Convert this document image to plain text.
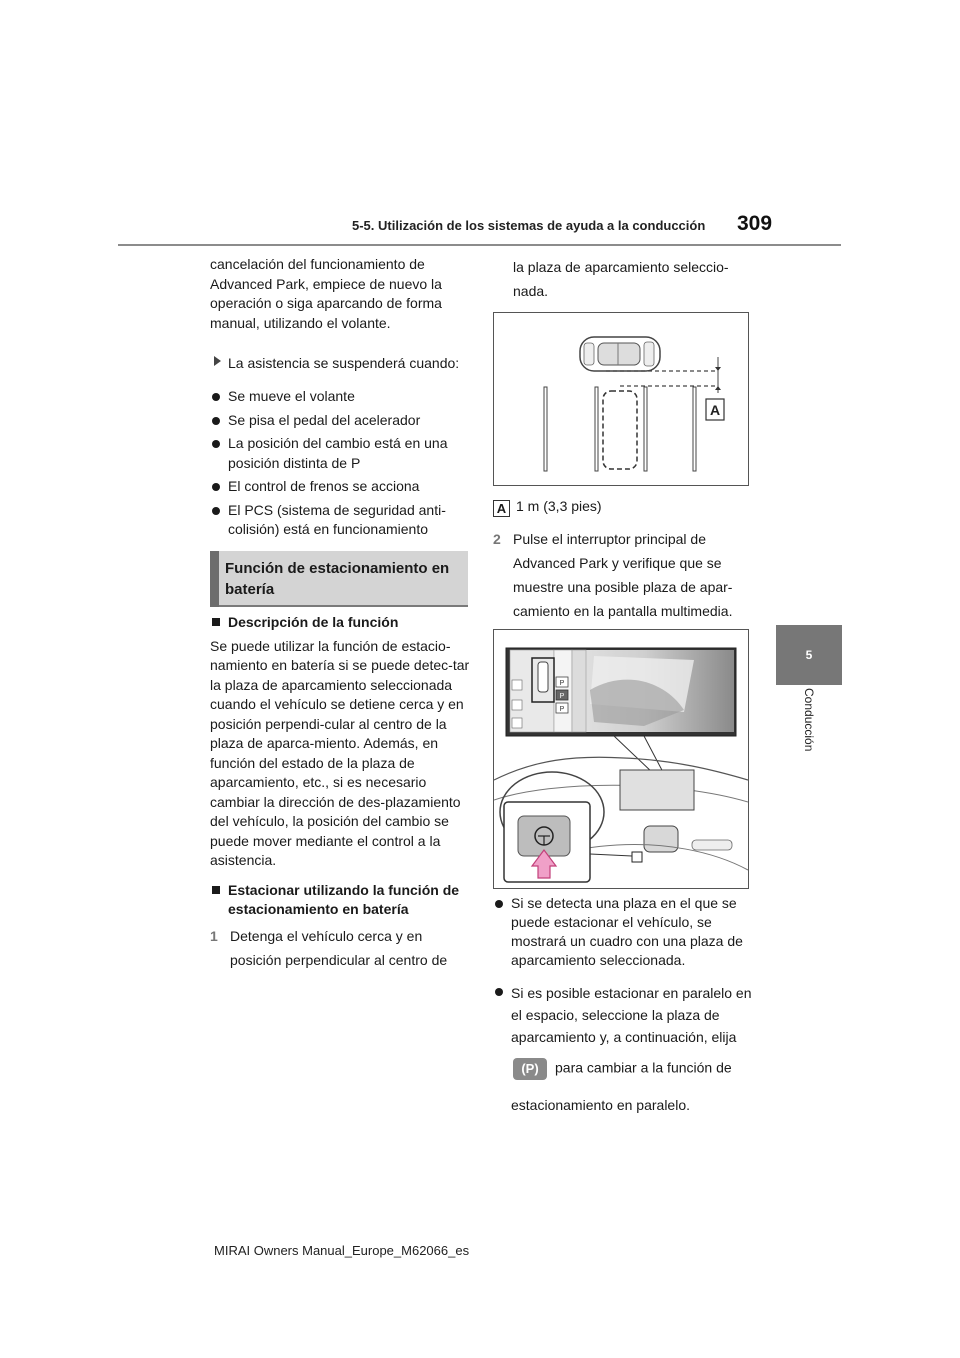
5-5. Utilización de los sistemas de ayuda a la conducción 309
5
Conducción

cancelación del funcionamiento de Advanced Park, empiece de nuevo la operación o siga aparcando de forma manual, utilizando el volante.

La asistencia se suspenderá cuando:

Se mueve el volante

Se pisa el pedal del acelerador

La posición del cambio está en una posición distinta de P

El control de frenos se acciona

El PCS (sistema de seguridad anti-colisión) está en funcionamiento

Función de estacionamiento en batería

Descripción de la función

Se puede utilizar la función de estacio-namiento en batería si se puede detec-tar la plaza de aparcamiento seleccionada cuando el vehículo se detiene cerca y en posición perpendi-cular al centro de la plaza de aparca-miento. Además, en función del estado de la plaza de aparcamiento, etc., si es necesario cambiar la dirección de des-plazamiento del vehículo, la posición del cambio se puede mover mediante el control a la asistencia.

Estacionar utilizando la función de estacionamiento en batería

1 Detenga el vehículo cerca y en posición perpendicular al centro de
la plaza de aparcamiento seleccio-nada.
A
A 1 m (3,3 pies)
2 Pulse el interruptor principal de Advanced Park y verifique que se muestre una posible plaza de apar-camiento en la pantalla multimedia.
P
P
P

Si se detecta una plaza en el que se puede estacionar el vehículo, se mostrará un cuadro con una plaza de aparcamiento seleccionada.

Si es posible estacionar en paralelo en el espacio, seleccione la plaza de aparcamiento y, a continuación, elija

(P) para cambiar a la función de

estacionamiento en paralelo.

MIRAI Owners Manual_Europe_M62066_es
